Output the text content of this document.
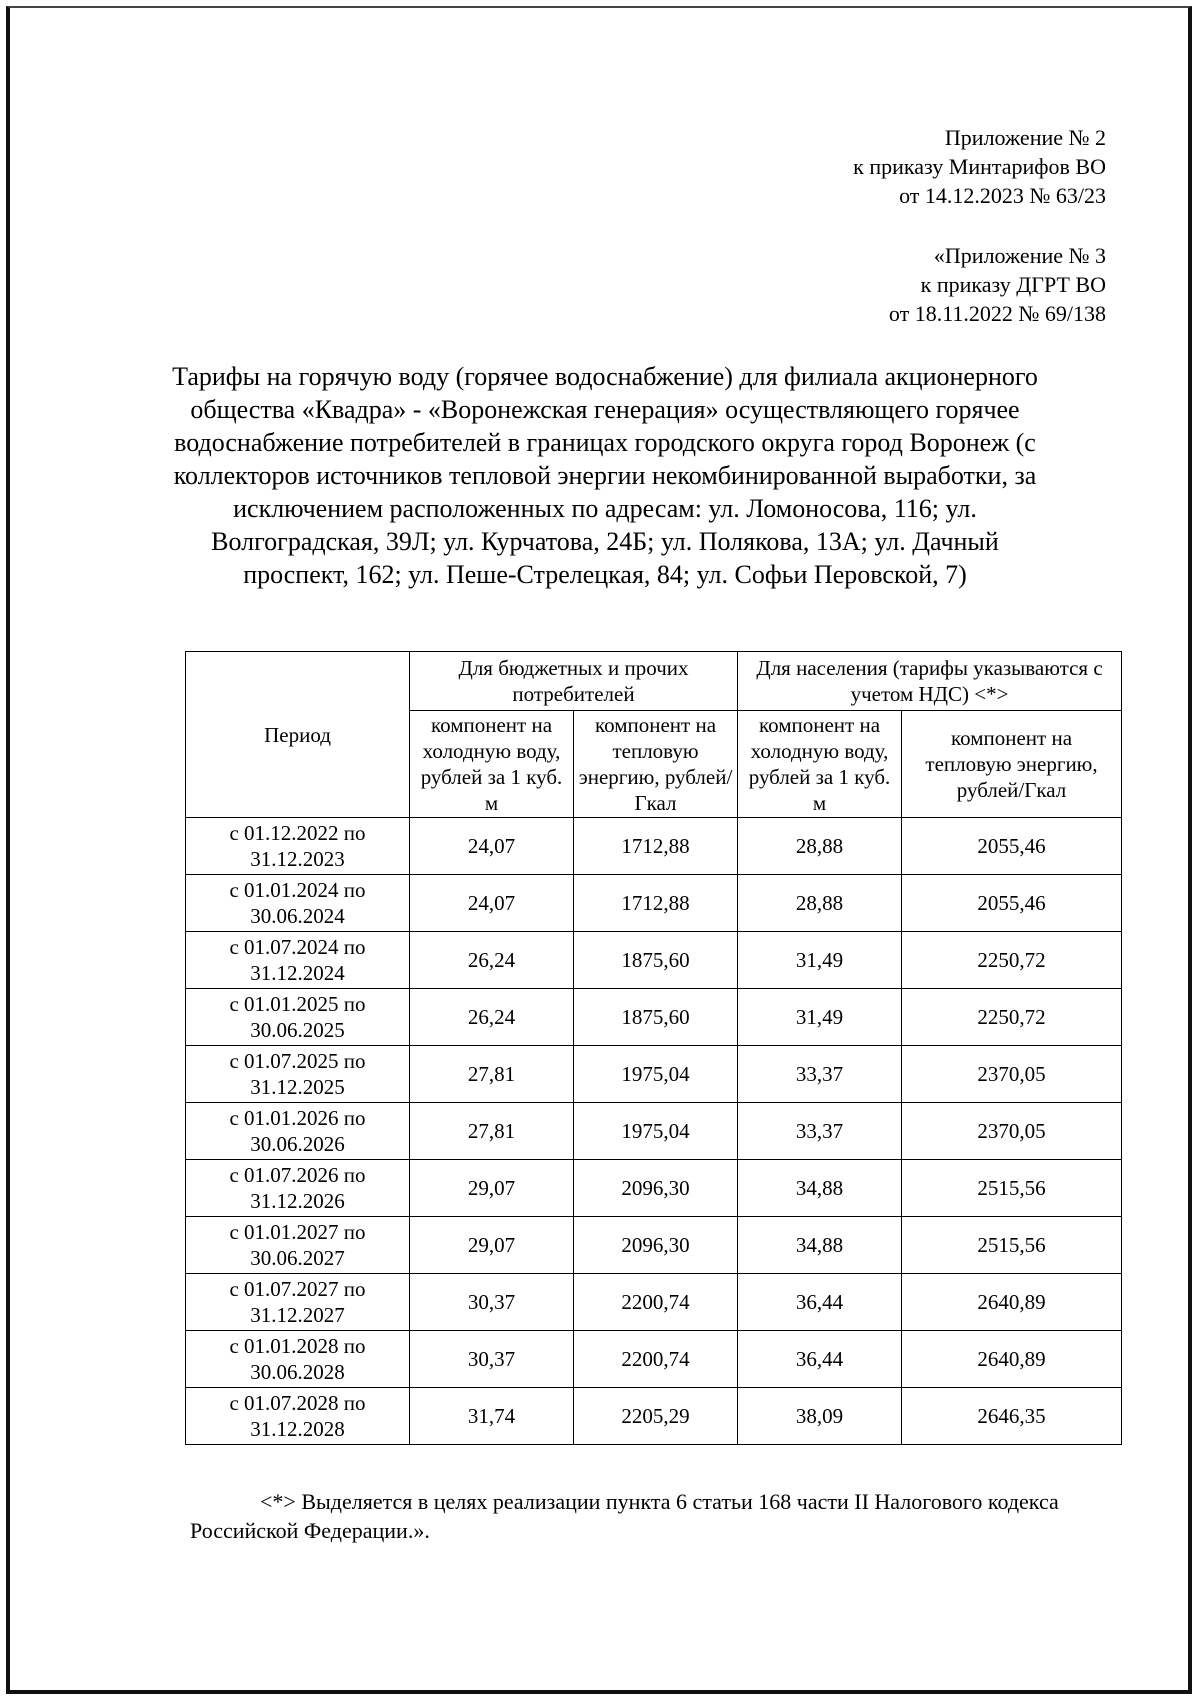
Приложение № 2
к приказу Минтарифов ВО
от 14.12.2023 № 63/23
«Приложение № 3
к приказу ДГРТ ВО
от 18.11.2022 № 69/138
Тарифы на горячую воду (горячее водоснабжение) для филиала акционерного общества «Квадра» - «Воронежская генерация» осуществляющего горячее водоснабжение потребителей в границах городского округа город Воронеж (с коллекторов источников тепловой энергии некомбинированной выработки, за исключением расположенных по адресам: ул. Ломоносова, 116; ул. Волгоградская, 39Л; ул. Курчатова, 24Б; ул. Полякова, 13А; ул. Дачный проспект, 162; ул. Пеше-Стрелецкая, 84; ул. Софьи Перовской, 7)
Период	Для бюджетных и прочих потребителей		Для населения (тарифы указываются с учетом НДС) <*>	
	компонент на холодную воду, рублей за 1 куб. м	компонент на тепловую энергию, рублей/Гкал	компонент на холодную воду, рублей за 1 куб. м	компонент на тепловую энергию, рублей/Гкал
с 01.12.2022 по 31.12.2023	24,07	1712,88	28,88	2055,46
с 01.01.2024 по 30.06.2024	24,07	1712,88	28,88	2055,46
с 01.07.2024 по 31.12.2024	26,24	1875,60	31,49	2250,72
с 01.01.2025 по 30.06.2025	26,24	1875,60	31,49	2250,72
с 01.07.2025 по 31.12.2025	27,81	1975,04	33,37	2370,05
с 01.01.2026 по 30.06.2026	27,81	1975,04	33,37	2370,05
с 01.07.2026 по 31.12.2026	29,07	2096,30	34,88	2515,56
с 01.01.2027 по 30.06.2027	29,07	2096,30	34,88	2515,56
с 01.07.2027 по 31.12.2027	30,37	2200,74	36,44	2640,89
с 01.01.2028 по 30.06.2028	30,37	2200,74	36,44	2640,89
с 01.07.2028 по 31.12.2028	31,74	2205,29	38,09	2646,35
<*> Выделяется в целях реализации пункта 6 статьи 168 части II Налогового кодекса Российской Федерации.».
